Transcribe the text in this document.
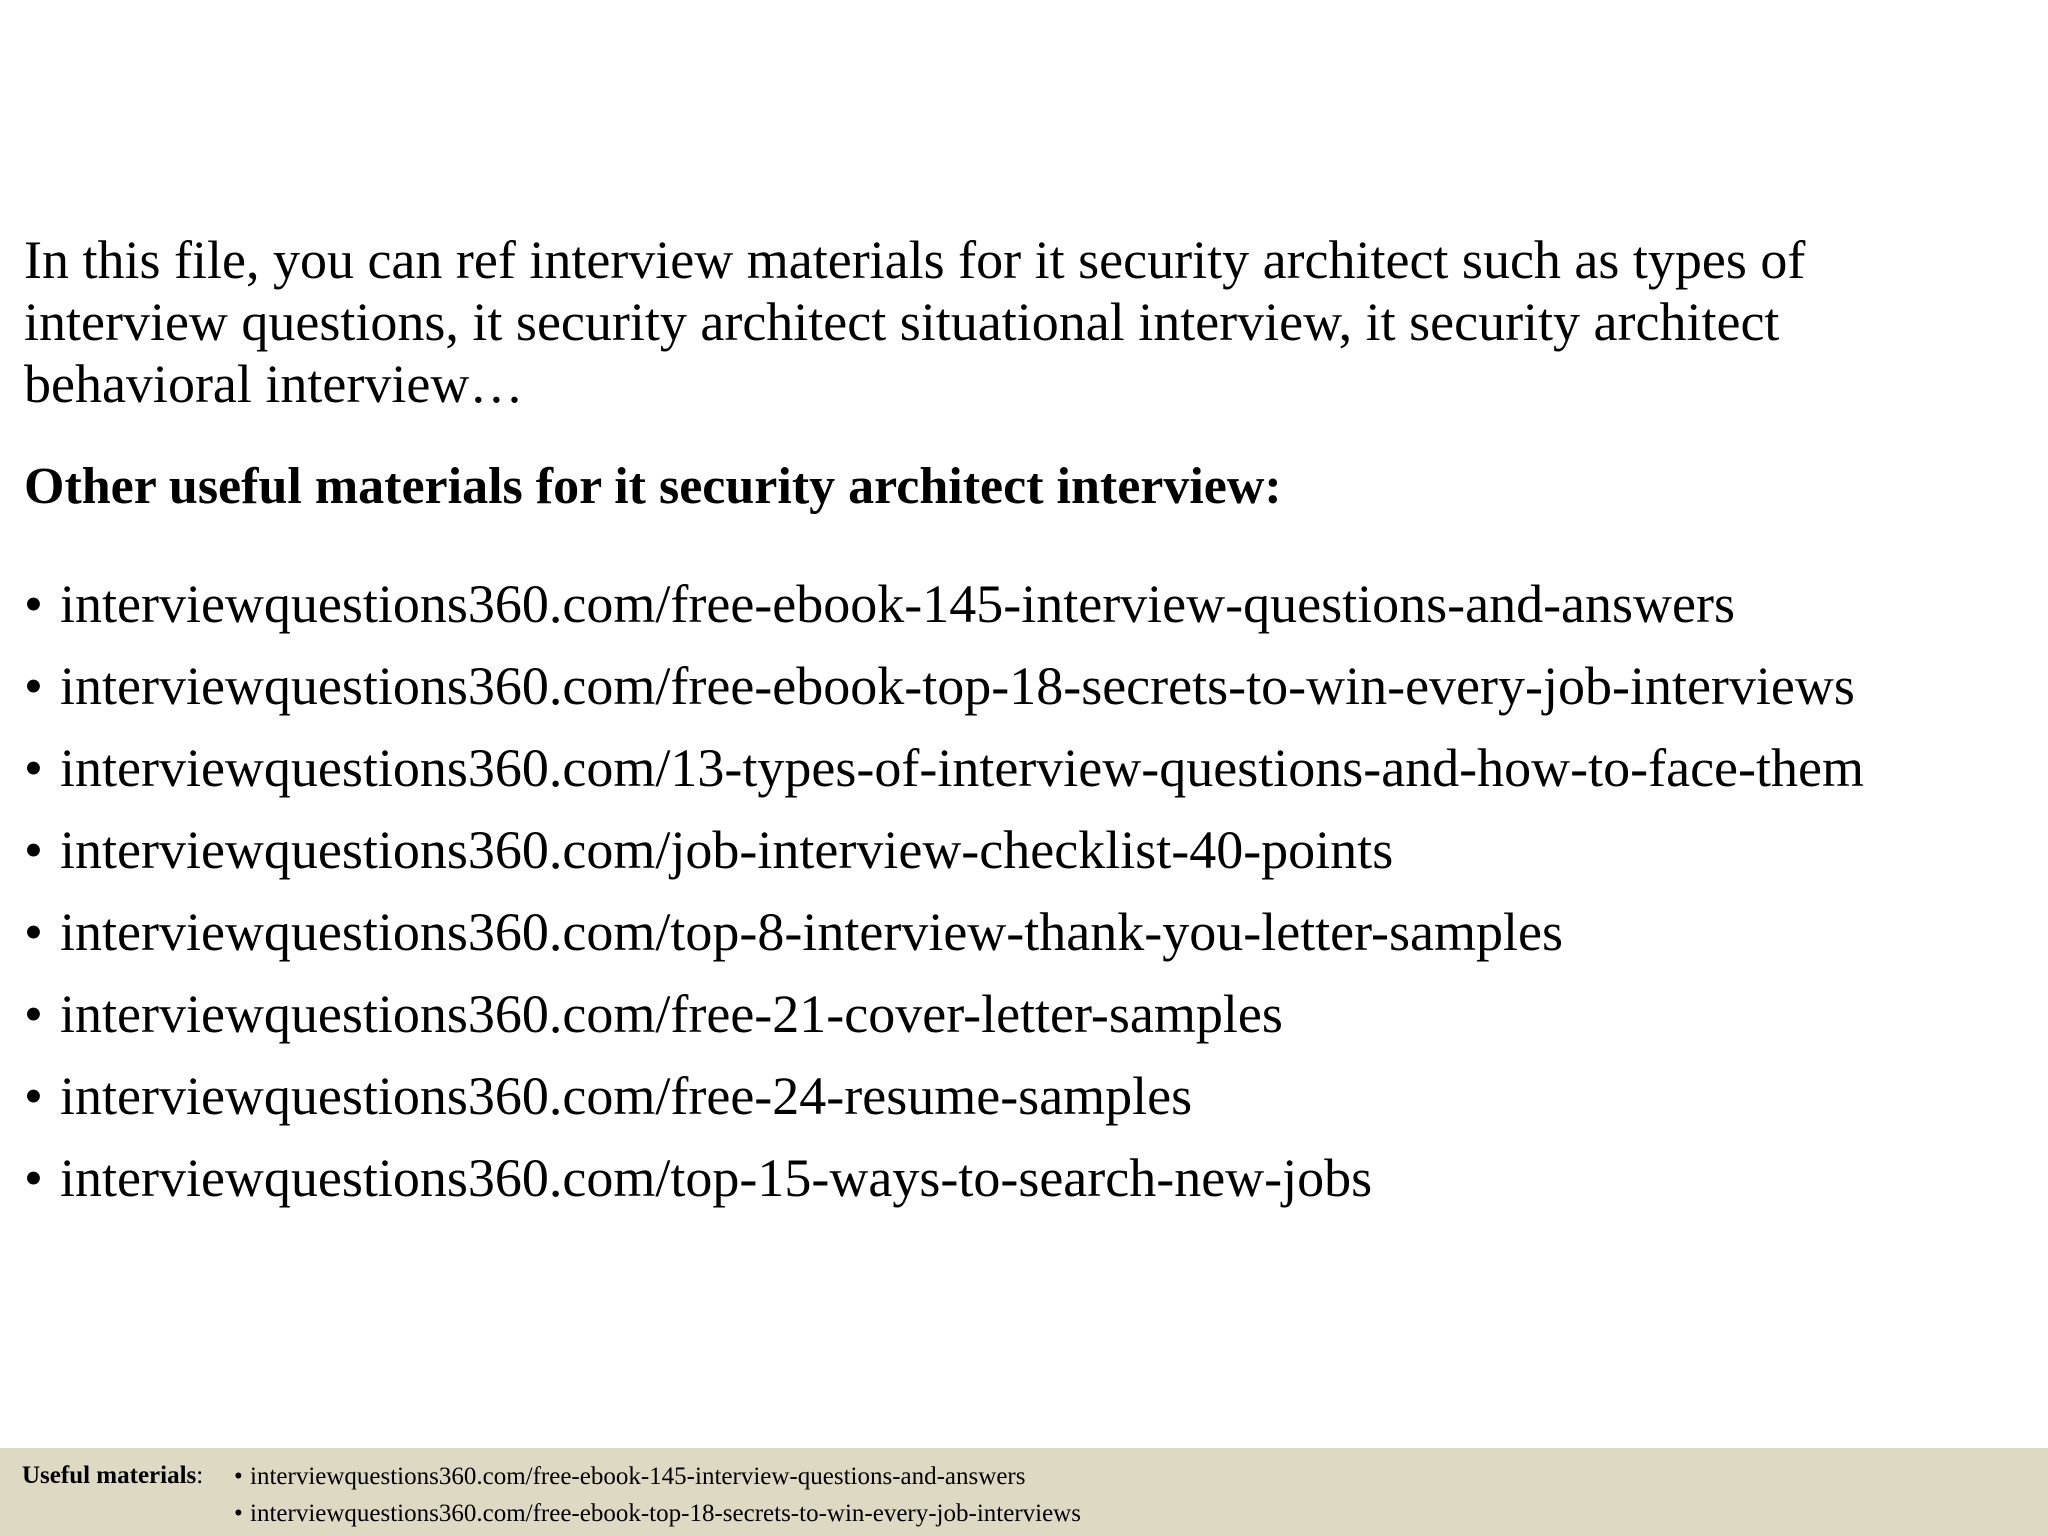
In this file, you can ref interview materials for it security architect such as types of interview questions, it security architect situational interview, it security architect behavioral interview…

Other useful materials for it security architect interview:
• interviewquestions360.com/free-ebook-145-interview-questions-and-answers
• interviewquestions360.com/free-ebook-top-18-secrets-to-win-every-job-interviews
• interviewquestions360.com/13-types-of-interview-questions-and-how-to-face-them
• interviewquestions360.com/job-interview-checklist-40-points
• interviewquestions360.com/top-8-interview-thank-you-letter-samples
• interviewquestions360.com/free-21-cover-letter-samples
• interviewquestions360.com/free-24-resume-samples
• interviewquestions360.com/top-15-ways-to-search-new-jobs
Useful materials: • interviewquestions360.com/free-ebook-145-interview-questions-and-answers
• interviewquestions360.com/free-ebook-top-18-secrets-to-win-every-job-interviews
